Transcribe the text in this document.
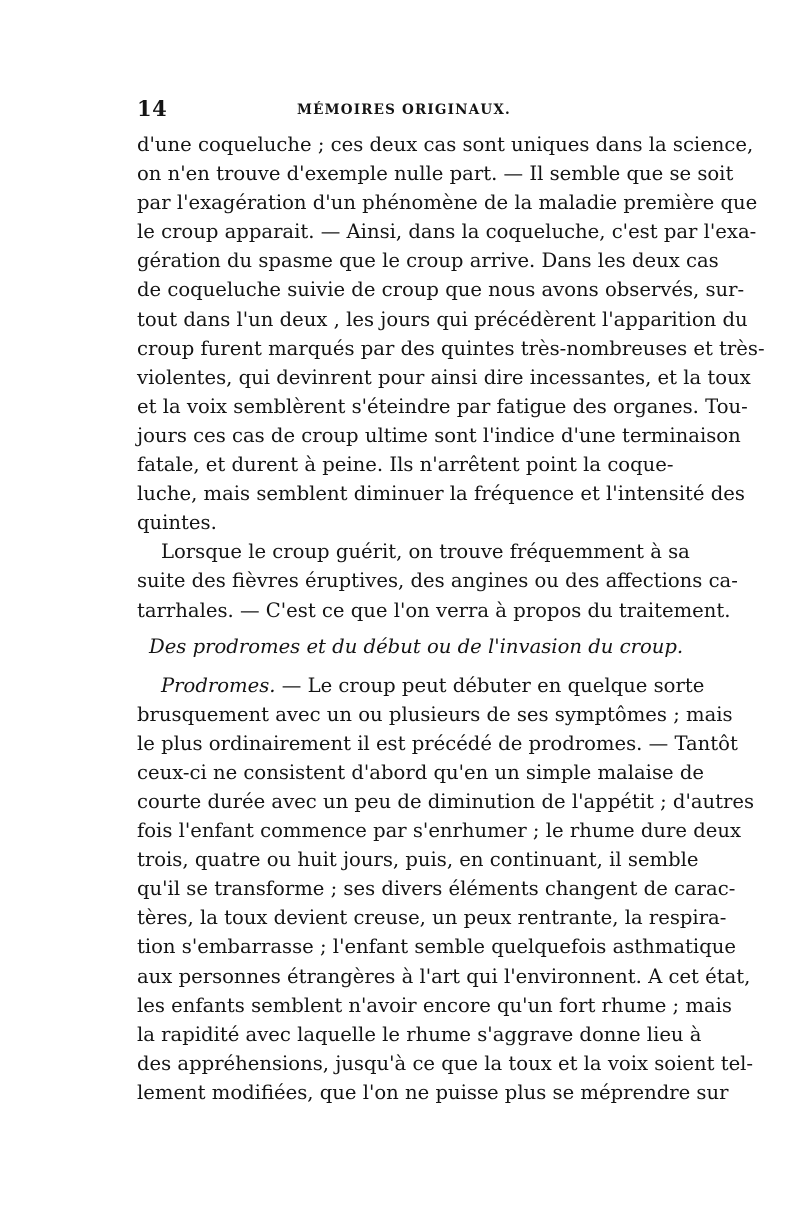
14	MÉMOIRES ORIGINAUX.
d'une coqueluche ; ces deux cas sont uniques dans la science,
on n'en trouve d'exemple nulle part. — Il semble que se soit
par l'exagération d'un phénomène de la maladie première que
le croup apparait. — Ainsi, dans la coqueluche, c'est par l'exa-
gération du spasme que le croup arrive. Dans les deux cas
de coqueluche suivie de croup que nous avons observés, sur-
tout dans l'un deux , les jours qui précédèrent l'apparition du
croup furent marqués par des quintes très-nombreuses et très-
violentes, qui devinrent pour ainsi dire incessantes, et la toux
et la voix semblèrent s'éteindre par fatigue des organes. Tou-
jours ces cas de croup ultime sont l'indice d'une terminaison
fatale, et durent à peine. Ils n'arrêtent point la coque-
luche, mais semblent diminuer la fréquence et l'intensité des
quintes.
Lorsque le croup guérit, on trouve fréquemment à sa
suite des fièvres éruptives, des angines ou des affections ca-
tarrhales. — C'est ce que l'on verra à propos du traitement.
Des prodromes et du début ou de l'invasion du croup.
Prodromes. — Le croup peut débuter en quelque sorte
brusquement avec un ou plusieurs de ses symptômes ; mais
le plus ordinairement il est précédé de prodromes. — Tantôt
ceux-ci ne consistent d'abord qu'en un simple malaise de
courte durée avec un peu de diminution de l'appétit ; d'autres
fois l'enfant commence par s'enrhumer ; le rhume dure deux
trois, quatre ou huit jours, puis, en continuant, il semble
qu'il se transforme ; ses divers éléments changent de carac-
tères, la toux devient creuse, un peux rentrante, la respira-
tion s'embarrasse ; l'enfant semble quelquefois asthmatique
aux personnes étrangères à l'art qui l'environnent. A cet état,
les enfants semblent n'avoir encore qu'un fort rhume ; mais
la rapidité avec laquelle le rhume s'aggrave donne lieu à
des appréhensions, jusqu'à ce que la toux et la voix soient tel-
lement modifiées, que l'on ne puisse plus se méprendre sur
